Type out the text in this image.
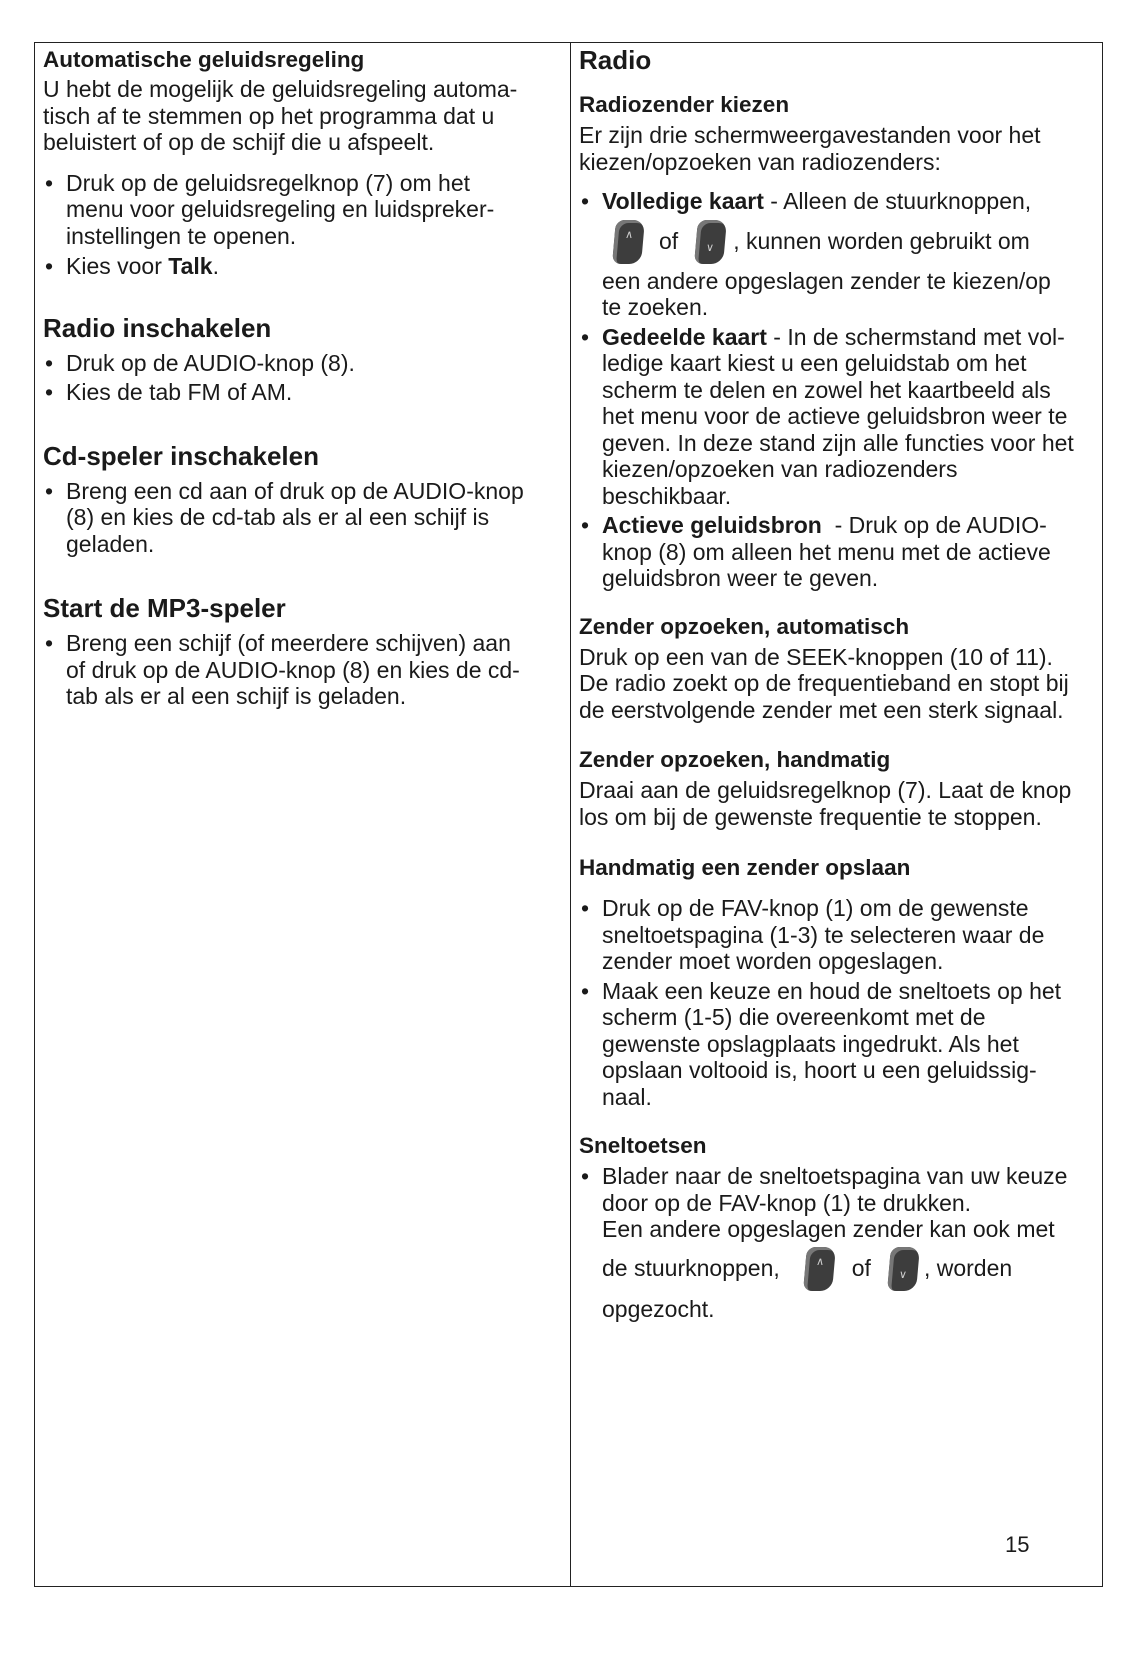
Automatische geluidsregeling

U hebt de mogelijk de geluidsregeling automa-

tisch af te stemmen op het programma dat u

beluistert of op de schijf die u afspeelt.

• Druk op de geluidsregelknop (7) om het

menu voor geluidsregeling en luidspreker-

instellingen te openen.

• Kies voor Talk.

Radio inschakelen

• Druk op de AUDIO-knop (8).
• Kies de tab FM of AM.

Cd-speler inschakelen

• Breng een cd aan of druk op de AUDIO-knop

(8) en kies de cd-tab als er al een schijf is

geladen.

Start de MP3-speler

• Breng een schijf (of meerdere schijven) aan

of druk op de AUDIO-knop (8) en kies de cd-

tab als er al een schijf is geladen.

Radio

Radiozender kiezen

Er zijn drie schermweergavestanden voor het

kiezen/opzoeken van radiozenders:

• Volledige kaart - Alleen de stuurknoppen,

∧
of ∨ , kunnen worden gebruikt om

een andere opgeslagen zender te kiezen/op

te zoeken.

• Gedeelde kaart - In de schermstand met vol-

ledige kaart kiest u een geluidstab om het

scherm te delen en zowel het kaartbeeld als

het menu voor de actieve geluidsbron weer te

geven. In deze stand zijn alle functies voor het

kiezen/opzoeken van radiozenders

beschikbaar.

• Actieve geluidsbron  - Druk op de AUDIO-

knop (8) om alleen het menu met de actieve

geluidsbron weer te geven.

Zender opzoeken, automatisch

Druk op een van de SEEK-knoppen (10 of 11).

De radio zoekt op de frequentieband en stopt bij

de eerstvolgende zender met een sterk signaal.

Zender opzoeken, handmatig

Draai aan de geluidsregelknop (7). Laat de knop

los om bij de gewenste frequentie te stoppen.

Handmatig een zender opslaan

• Druk op de FAV-knop (1) om de gewenste

sneltoetspagina (1-3) te selecteren waar de

zender moet worden opgeslagen.

• Maak een keuze en houd de sneltoets op het

scherm (1-5) die overeenkomt met de

gewenste opslagplaats ingedrukt. Als het

opslaan voltooid is, hoort u een geluidssig-

naal.

Sneltoetsen

• Blader naar de sneltoetspagina van uw keuze

door op de FAV-knop (1) te drukken.

Een andere opgeslagen zender kan ook met

de stuurknoppen, ∧	of ∨ , worden

opgezocht.

15
